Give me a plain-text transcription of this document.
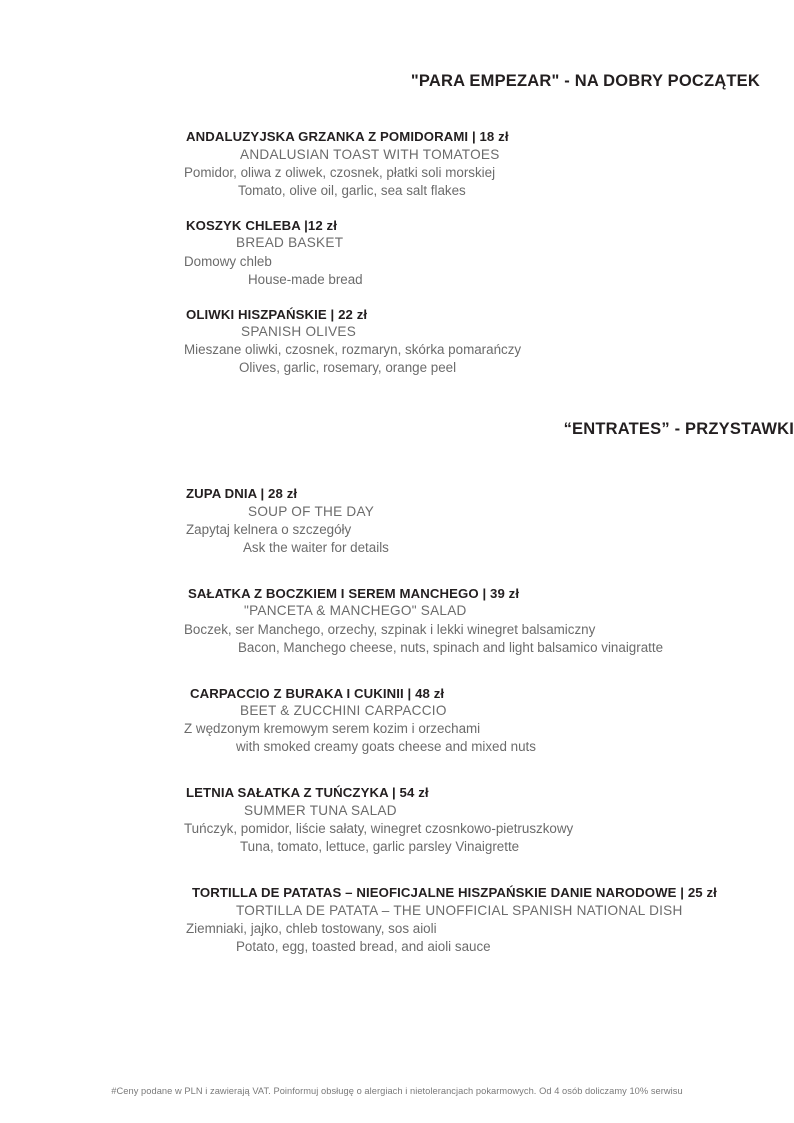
"PARA EMPEZAR" - NA DOBRY POCZĄTEK
ANDALUZYJSKA GRZANKA Z POMIDORAMI | 18 zł
ANDALUSIAN TOAST WITH TOMATOES
Pomidor, oliwa z oliwek, czosnek, płatki soli morskiej
Tomato, olive oil, garlic, sea salt flakes
KOSZYK CHLEBA |12 zł
BREAD BASKET
Domowy chleb
House-made bread
OLIWKI HISZPAŃSKIE | 22 zł
SPANISH OLIVES
Mieszane oliwki, czosnek, rozmaryn, skórka pomarańczy
Olives, garlic, rosemary, orange peel
“ENTRATES” - PRZYSTAWKI
ZUPA DNIA | 28 zł
SOUP OF THE DAY
Zapytaj kelnera o szczegóły
Ask the waiter for details
SAŁATKA Z BOCZKIEM I SEREM MANCHEGO | 39 zł
"PANCETA & MANCHEGO" SALAD
Boczek, ser Manchego, orzechy, szpinak i lekki winegret balsamiczny
Bacon, Manchego cheese, nuts, spinach and light balsamico vinaigratte
CARPACCIO Z BURAKA I CUKINII | 48 zł
BEET & ZUCCHINI CARPACCIO
Z wędzonym kremowym serem kozim i orzechami
with smoked creamy goats cheese and mixed nuts
LETNIA SAŁATKA Z TUŃCZYKA | 54 zł
SUMMER TUNA SALAD
Tuńczyk, pomidor, liście sałaty, winegret czosnkowo-pietruszkowy
Tuna, tomato, lettuce, garlic parsley Vinaigrette
TORTILLA DE PATATAS – NIEOFICJALNE HISZPAŃSKIE DANIE NARODOWE | 25 zł
TORTILLA DE PATATA – THE UNOFFICIAL SPANISH NATIONAL DISH
Ziemniaki, jajko, chleb tostowany, sos aioli
Potato, egg, toasted bread, and aioli sauce
#Ceny podane w PLN i zawierają VAT. Poinformuj obsługę o alergiach i nietolerancjach pokarmowych. Od 4 osób doliczamy 10% serwisu
